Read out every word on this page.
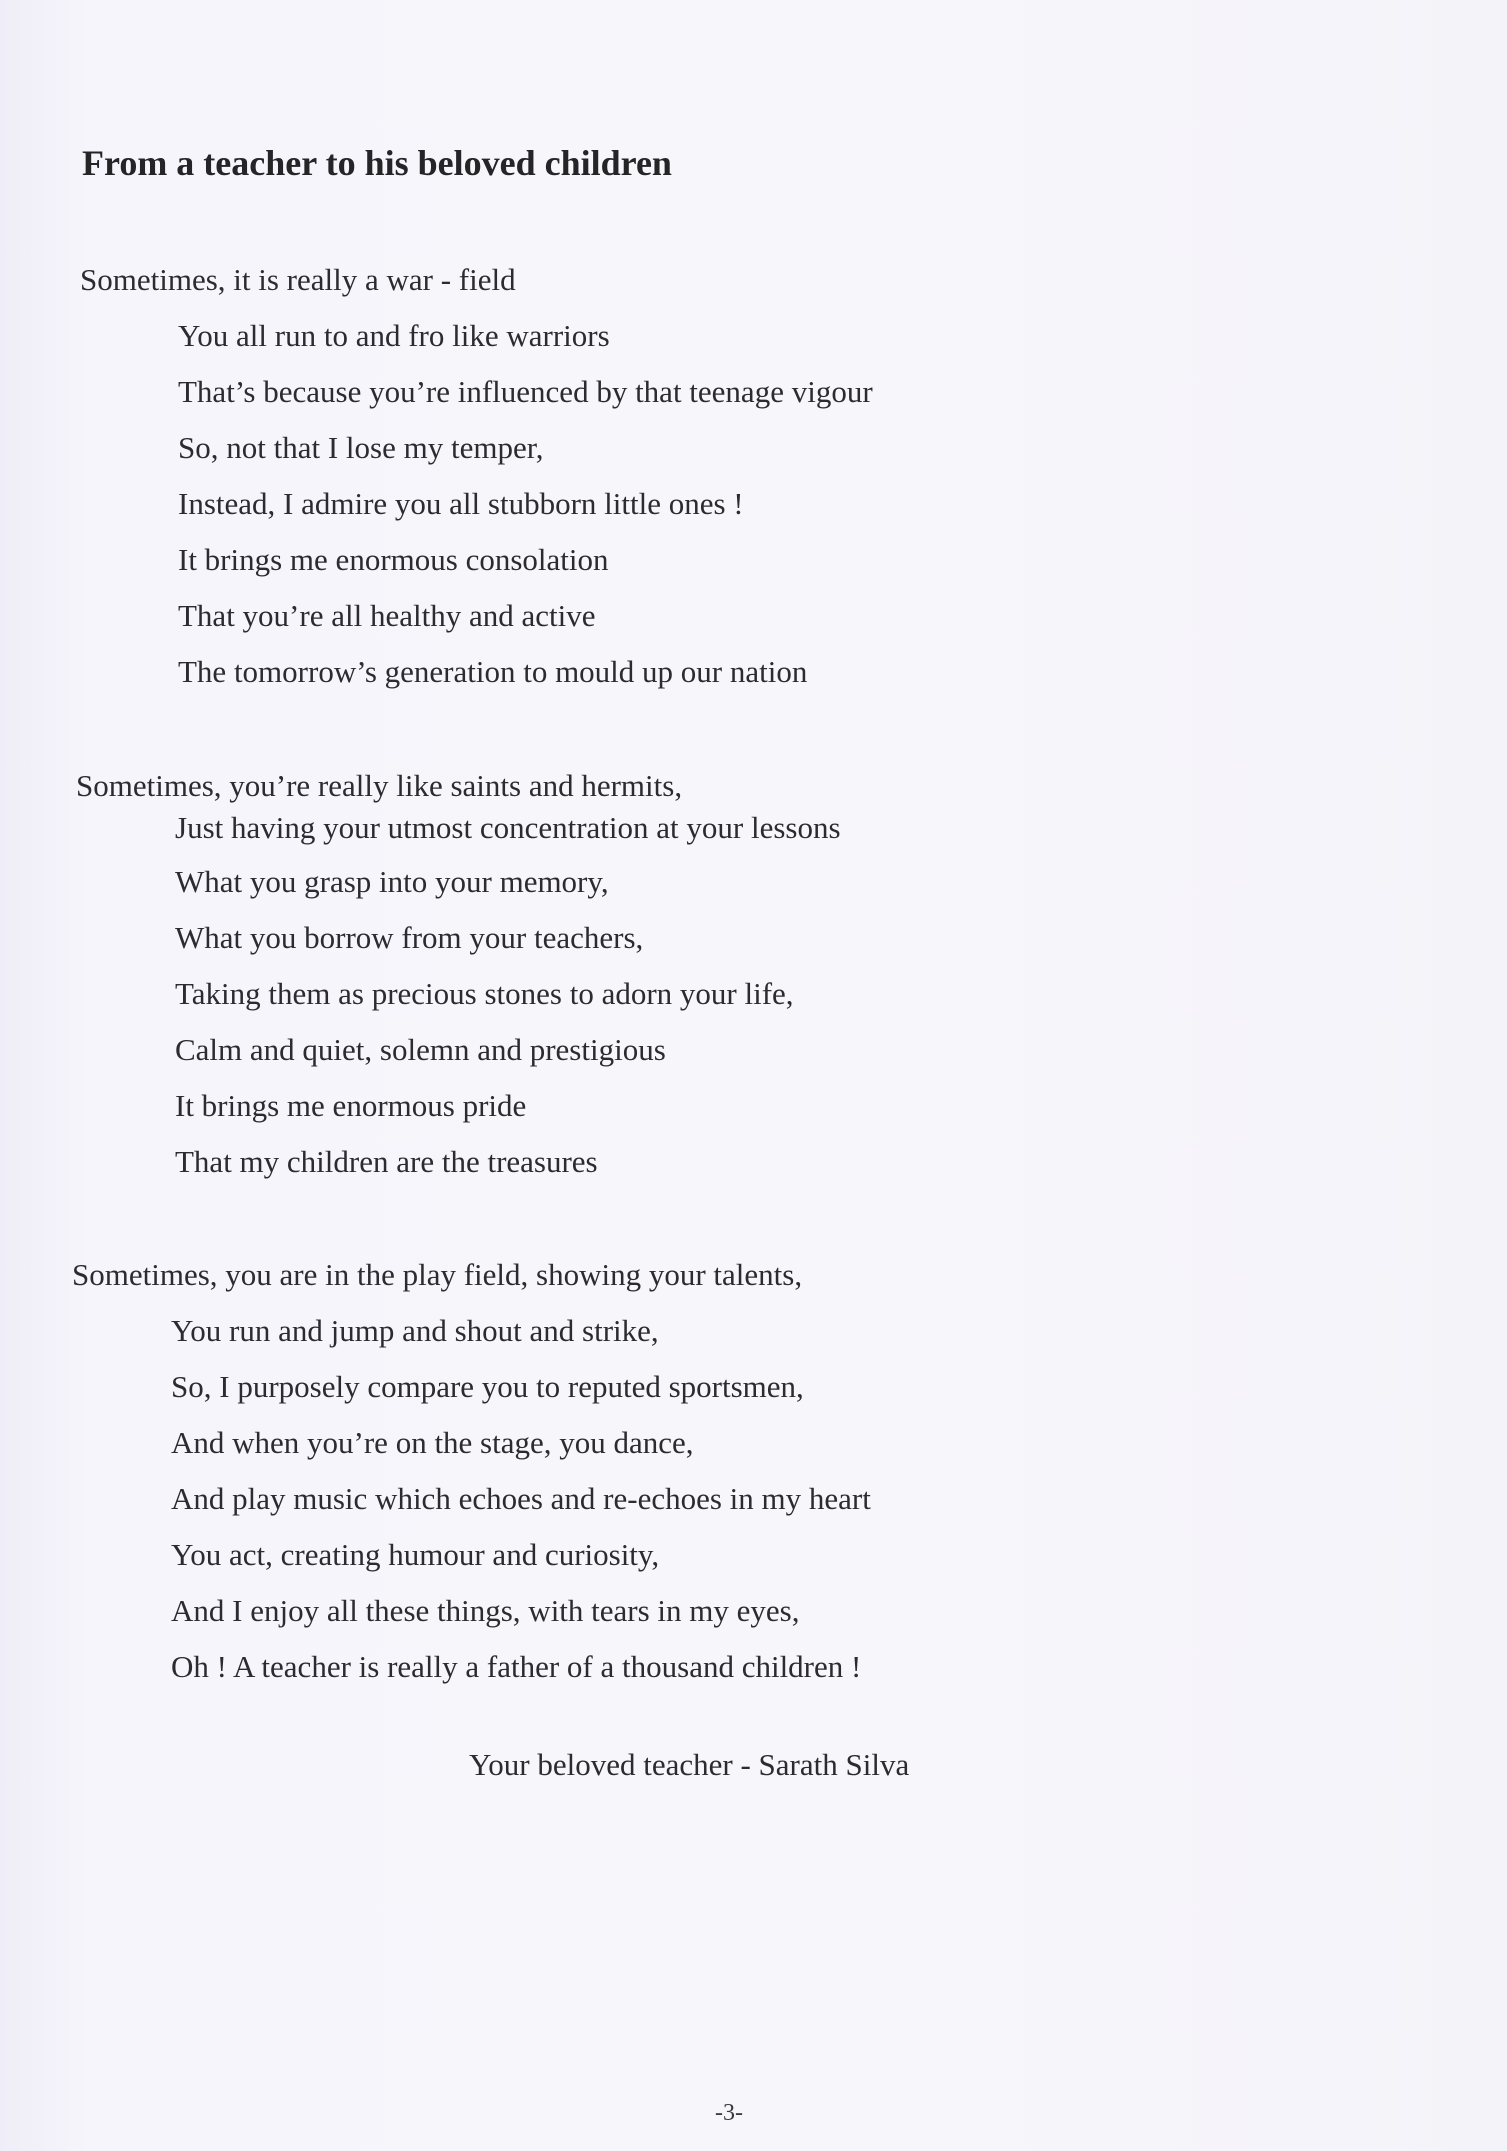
From a teacher to his beloved children
Sometimes, it is really a war - field
You all run to and fro like warriors
That’s because you’re influenced by that teenage vigour
So, not that I lose my temper,
Instead, I admire you all stubborn little ones !
It brings me enormous consolation
That you’re all healthy and active
The tomorrow’s generation to mould up our nation
Sometimes, you’re really like saints and hermits,
Just having your utmost concentration at your lessons
What you grasp into your memory,
What you borrow from your teachers,
Taking them as precious stones to adorn your life,
Calm and quiet, solemn and prestigious
It brings me enormous pride
That my children are the treasures
Sometimes, you are in the play field, showing your talents,
You run and jump and shout and strike,
So, I purposely compare you to reputed sportsmen,
And when you’re on the stage, you dance,
And play music which echoes and re-echoes in my heart
You act, creating humour and curiosity,
And I enjoy all these things, with tears in my eyes,
Oh ! A teacher is really a father of a thousand children !
Your beloved teacher - Sarath Silva
-3-
